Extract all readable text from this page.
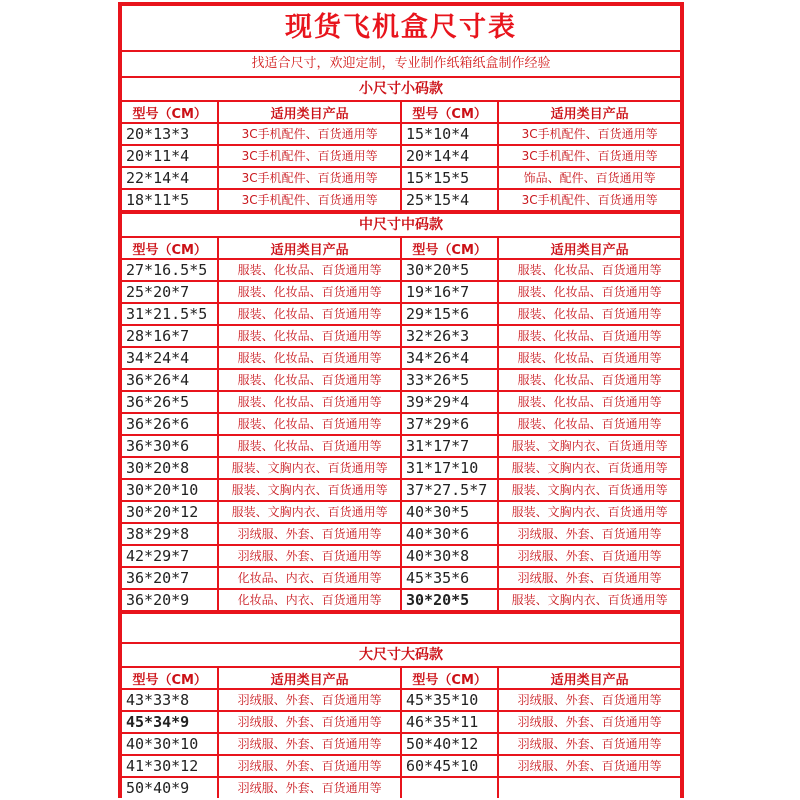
现货飞机盒尺寸表
找适合尺寸，欢迎定制，专业制作纸箱纸盒制作经验
小尺寸小码款
型号（CM）	适用类目产品	型号（CM）	适用类目产品
20*13*3	3C手机配件、百货通用等	15*10*4	3C手机配件、百货通用等
20*11*4	3C手机配件、百货通用等	20*14*4	3C手机配件、百货通用等
22*14*4	3C手机配件、百货通用等	15*15*5	饰品、配件、百货通用等
18*11*5	3C手机配件、百货通用等	25*15*4	3C手机配件、百货通用等
中尺寸中码款
型号（CM）	适用类目产品	型号（CM）	适用类目产品
27*16.5*5	服装、化妆品、百货通用等	30*20*5	服装、化妆品、百货通用等
25*20*7	服装、化妆品、百货通用等	19*16*7	服装、化妆品、百货通用等
31*21.5*5	服装、化妆品、百货通用等	29*15*6	服装、化妆品、百货通用等
28*16*7	服装、化妆品、百货通用等	32*26*3	服装、化妆品、百货通用等
34*24*4	服装、化妆品、百货通用等	34*26*4	服装、化妆品、百货通用等
36*26*4	服装、化妆品、百货通用等	33*26*5	服装、化妆品、百货通用等
36*26*5	服装、化妆品、百货通用等	39*29*4	服装、化妆品、百货通用等
36*26*6	服装、化妆品、百货通用等	37*29*6	服装、化妆品、百货通用等
36*30*6	服装、化妆品、百货通用等	31*17*7	服装、文胸内衣、百货通用等
30*20*8	服装、文胸内衣、百货通用等	31*17*10	服装、文胸内衣、百货通用等
30*20*10	服装、文胸内衣、百货通用等	37*27.5*7	服装、文胸内衣、百货通用等
30*20*12	服装、文胸内衣、百货通用等	40*30*5	服装、文胸内衣、百货通用等
38*29*8	羽绒服、外套、百货通用等	40*30*6	羽绒服、外套、百货通用等
42*29*7	羽绒服、外套、百货通用等	40*30*8	羽绒服、外套、百货通用等
36*20*7	化妆品、内衣、百货通用等	45*35*6	羽绒服、外套、百货通用等
36*20*9	化妆品、内衣、百货通用等	30*20*5	服装、文胸内衣、百货通用等
大尺寸大码款
型号（CM）	适用类目产品	型号（CM）	适用类目产品
43*33*8	羽绒服、外套、百货通用等	45*35*10	羽绒服、外套、百货通用等
45*34*9	羽绒服、外套、百货通用等	46*35*11	羽绒服、外套、百货通用等
40*30*10	羽绒服、外套、百货通用等	50*40*12	羽绒服、外套、百货通用等
41*30*12	羽绒服、外套、百货通用等	60*45*10	羽绒服、外套、百货通用等
50*40*9	羽绒服、外套、百货通用等		
